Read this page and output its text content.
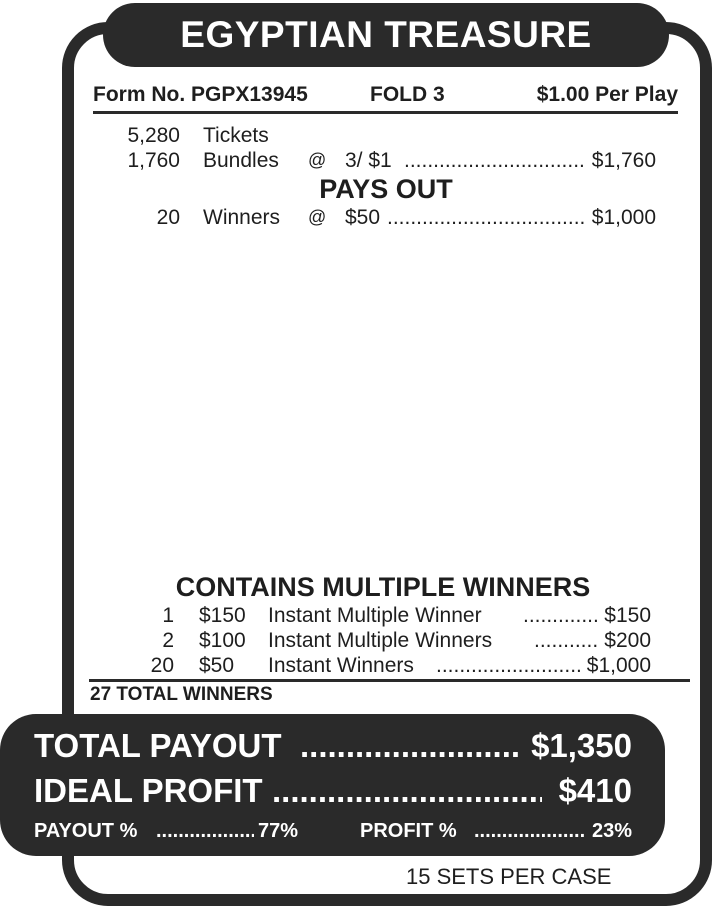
EGYPTIAN TREASURE
Form No. PGPX13945	FOLD 3	$1.00 Per Play
5,280 Tickets
1,760 Bundles @ 3/ $1 .....	$1,760
PAYS OUT
20 Winners @ $50 .....	$1,000
CONTAINS MULTIPLE WINNERS
1 $150 Instant Multiple Winner .....	$150
2 $100 Instant Multiple Winners .....	$200
20 $50 Instant Winners .....	$1,000
27 TOTAL WINNERS
TOTAL PAYOUT .....	$1,350
IDEAL PROFIT .....	$410
PAYOUT % .....	77%	PROFIT % .....	23%
15 SETS PER CASE
